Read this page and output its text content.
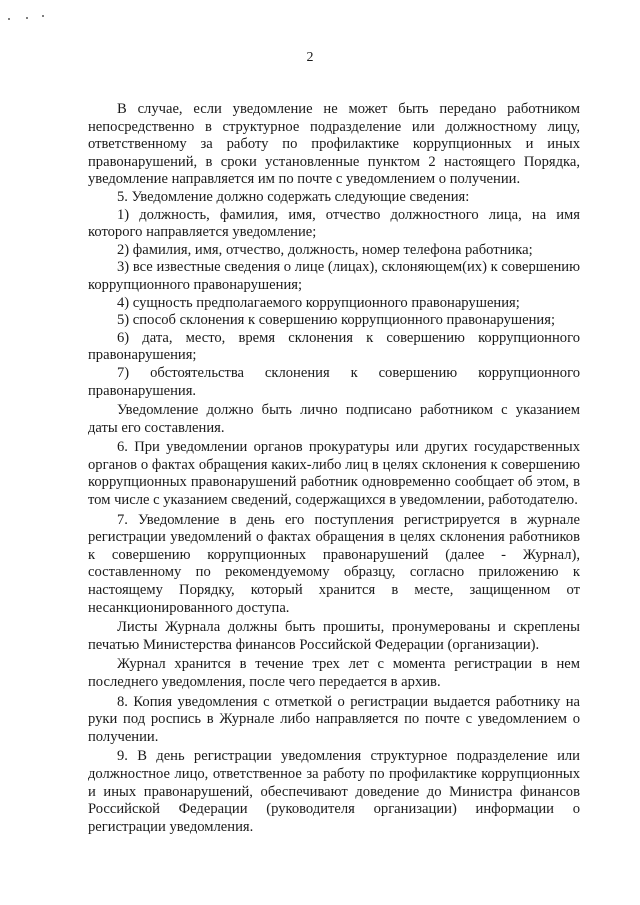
2

В случае, если уведомление не может быть передано работником непосредственно в структурное подразделение или должностному лицу, ответственному за работу по профилактике коррупционных и иных правонарушений, в сроки установленные пунктом 2 настоящего Порядка, уведомление направляется им по почте с уведомлением о получении.

5. Уведомление должно содержать следующие сведения:

1) должность, фамилия, имя, отчество должностного лица, на имя которого направляется уведомление;

2) фамилия, имя, отчество, должность, номер телефона работника;

3) все известные сведения о лице (лицах), склоняющем(их) к совершению коррупционного правонарушения;

4) сущность предполагаемого коррупционного правонарушения;

5) способ склонения к совершению коррупционного правонарушения;

6) дата, место, время склонения к совершению коррупционного правонарушения;

7) обстоятельства склонения к совершению коррупционного правонарушения.

Уведомление должно быть лично подписано работником с указанием даты его составления.

6. При уведомлении органов прокуратуры или других государственных органов о фактах обращения каких-либо лиц в целях склонения к совершению коррупционных правонарушений работник одновременно сообщает об этом, в том числе с указанием сведений, содержащихся в уведомлении, работодателю.

7. Уведомление в день его поступления регистрируется в журнале регистрации уведомлений о фактах обращения в целях склонения работников к совершению коррупционных правонарушений (далее - Журнал), составленному по рекомендуемому образцу, согласно приложению к настоящему Порядку, который хранится в месте, защищенном от несанкционированного доступа.

Листы Журнала должны быть прошиты, пронумерованы и скреплены печатью Министерства финансов Российской Федерации (организации).

Журнал хранится в течение трех лет с момента регистрации в нем последнего уведомления, после чего передается в архив.

8. Копия уведомления с отметкой о регистрации выдается работнику на руки под роспись в Журнале либо направляется по почте с уведомлением о получении.

9. В день регистрации уведомления структурное подразделение или должностное лицо, ответственное за работу по профилактике коррупционных и иных правонарушений, обеспечивают доведение до Министра финансов Российской Федерации (руководителя организации) информации о регистрации уведомления.
